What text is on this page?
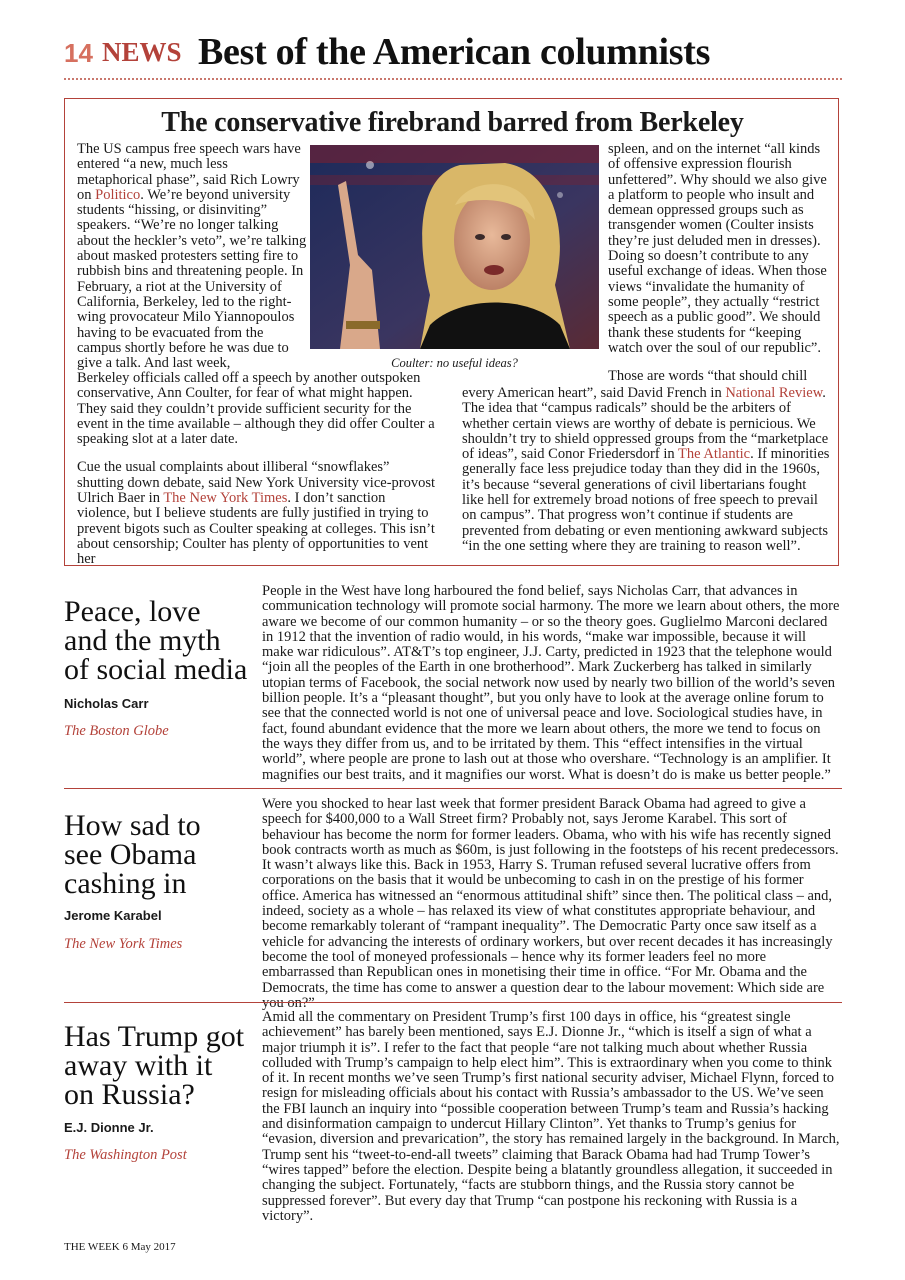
14 NEWS Best of the American columnists
The conservative firebrand barred from Berkeley
The US campus free speech wars have entered “a new, much less metaphorical phase”, said Rich Lowry on Politico. We’re beyond university students “hissing, or disinviting” speakers. “We’re no longer talking about the heckler’s veto”, we’re talking about masked protesters setting fire to rubbish bins and threatening people. In February, a riot at the University of California, Berkeley, led to the right-wing provocateur Milo Yiannopoulos having to be evacuated from the campus shortly before he was due to give a talk. And last week,	Coulter: no useful ideas?

spleen, and on the internet “all kinds of offensive expression flourish unfettered”. Why should we also give a platform to people who insult and demean oppressed groups such as transgender women (Coulter insists they’re just deluded men in dresses). Doing so doesn’t contribute to any useful exchange of ideas. When those views “invalidate the humanity of some people”, they actually “restrict speech as a public good”. We should thank these students for “keeping watch over the soul of our republic”.

Those are words “that should chill

Berkeley officials called off a speech by another outspoken conservative, Ann Coulter, for fear of what might happen. They said they couldn’t provide sufficient security for the event in the time available – although they did offer Coulter a speaking slot at a later date.

Cue the usual complaints about illiberal “snowflakes” shutting down debate, said New York University vice-provost Ulrich Baer in The New York Times. I don’t sanction violence, but I believe students are fully justified in trying to prevent bigots such as Coulter speaking at colleges. This isn’t about censorship; Coulter has plenty of opportunities to vent her

every American heart”, said David French in National Review. The idea that “campus radicals” should be the arbiters of whether certain views are worthy of debate is pernicious. We shouldn’t try to shield oppressed groups from the “marketplace of ideas”, said Conor Friedersdorf in The Atlantic. If minorities generally face less prejudice today than they did in the 1960s, it’s because “several generations of civil libertarians fought like hell for extremely broad notions of free speech to prevail on campus”. That progress won’t continue if students are prevented from debating or even mentioning awkward subjects “in the one setting where they are training to reason well”.
Peace, love and the myth of social media
Nicholas Carr
The Boston Globe
People in the West have long harboured the fond belief, says Nicholas Carr, that advances in communication technology will promote social harmony. The more we learn about others, the more aware we become of our common humanity – or so the theory goes. Guglielmo Marconi declared in 1912 that the invention of radio would, in his words, “make war impossible, because it will make war ridiculous”. AT&T’s top engineer, J.J. Carty, predicted in 1923 that the telephone would “join all the peoples of the Earth in one brotherhood”. Mark Zuckerberg has talked in similarly utopian terms of Facebook, the social network now used by nearly two billion of the world’s seven billion people. It’s a “pleasant thought”, but you only have to look at the average online forum to see that the connected world is not one of universal peace and love. Sociological studies have, in fact, found abundant evidence that the more we learn about others, the more we tend to focus on the ways they differ from us, and to be irritated by them. This “effect intensifies in the virtual world”, where people are prone to lash out at those who overshare. “Technology is an amplifier. It magnifies our best traits, and it magnifies our worst. What is doesn’t do is make us better people.”
How sad to see Obama cashing in
Jerome Karabel
The New York Times
Were you shocked to hear last week that former president Barack Obama had agreed to give a speech for $400,000 to a Wall Street firm? Probably not, says Jerome Karabel. This sort of behaviour has become the norm for former leaders. Obama, who with his wife has recently signed book contracts worth as much as $60m, is just following in the footsteps of his recent predecessors. It wasn’t always like this. Back in 1953, Harry S. Truman refused several lucrative offers from corporations on the basis that it would be unbecoming to cash in on the prestige of his former office. America has witnessed an “enormous attitudinal shift” since then. The political class – and, indeed, society as a whole – has relaxed its view of what constitutes appropriate behaviour, and become remarkably tolerant of “rampant inequality”. The Democratic Party once saw itself as a vehicle for advancing the interests of ordinary workers, but over recent decades it has increasingly become the tool of moneyed professionals – hence why its former leaders feel no more embarrassed than Republican ones in monetising their time in office. “For Mr. Obama and the Democrats, the time has come to answer a question dear to the labour movement: Which side are you on?”
Has Trump got away with it on Russia?
E.J. Dionne Jr.
The Washington Post
Amid all the commentary on President Trump’s first 100 days in office, his “greatest single achievement” has barely been mentioned, says E.J. Dionne Jr., “which is itself a sign of what a major triumph it is”. I refer to the fact that people “are not talking much about whether Russia colluded with Trump’s campaign to help elect him”. This is extraordinary when you come to think of it. In recent months we’ve seen Trump’s first national security adviser, Michael Flynn, forced to resign for misleading officials about his contact with Russia’s ambassador to the US. We’ve seen the FBI launch an inquiry into “possible cooperation between Trump’s team and Russia’s hacking and disinformation campaign to undercut Hillary Clinton”. Yet thanks to Trump’s genius for “evasion, diversion and prevarication”, the story has remained largely in the background. In March, Trump sent his “tweet-to-end-all tweets” claiming that Barack Obama had had Trump Tower’s “wires tapped” before the election. Despite being a blatantly groundless allegation, it succeeded in changing the subject. Fortunately, “facts are stubborn things, and the Russia story cannot be suppressed forever”. But every day that Trump “can postpone his reckoning with Russia is a victory”.
THE WEEK 6 May 2017
